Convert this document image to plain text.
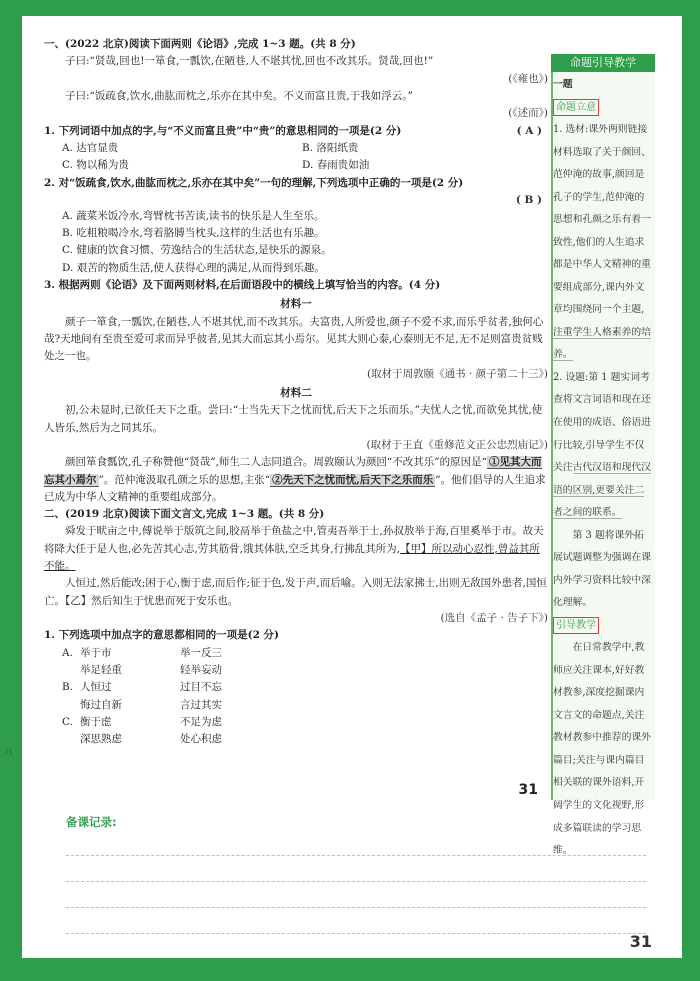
31
一、(2022 北京)阅读下面两则《论语》,完成 1~3 题。(共 8 分)
子曰:“贤哉,回也!一箪食,一瓢饮,在陋巷,人不堪其忧,回也不改其乐。贤哉,回也!”
(《雍也》)
子曰:“饭疏食,饮水,曲肱而枕之,乐亦在其中矣。不义而富且贵,于我如浮云。”
(《述而》)
1. 下列词语中加点的字,与“不义而富且贵”中“贵”的意思相同的一项是(2 分)	( A )
A. 达官显贵	B. 洛阳纸贵
C. 物以稀为贵	D. 春雨贵如油
2. 对“饭疏食,饮水,曲肱而枕之,乐亦在其中矣”一句的理解,下列选项中正确的一项是(2 分)
( B )
A. 蔬菜米饭冷水,弯臂枕书苦读,读书的快乐是人生至乐。
B. 吃粗粮喝冷水,弯着胳膊当枕头,这样的生活也有乐趣。
C. 健康的饮食习惯、劳逸结合的生活状态,是快乐的源泉。
D. 艰苦的物质生活,使人获得心理的满足,从而得到乐趣。
3. 根据两则《论语》及下面两则材料,在后面语段中的横线上填写恰当的内容。(4 分)
材料一
颜子一箪食,一瓢饮,在陋巷,人不堪其忧,而不改其乐。夫富贵,人所爱也,颜子不爱不求,而乐乎贫者,独何心哉?天地间有至贵至爱可求而异乎彼者,见其大而忘其小焉尔。见其大则心泰,心泰则无不足,无不足则富贵贫贱处之一也。
(取材于周敦颐《通书 · 颜子第二十三》)
材料二
初,公未显时,已欲任天下之重。尝曰:“士当先天下之忧而忧,后天下之乐而乐。”夫忧人之忧,而欲免其忧,使人皆乐,然后为之同其乐。
(取材于王直《重修范文正公忠烈庙记》)
颜回箪食瓢饮,孔子称赞他“贤哉”,师生二人志同道合。周敦颐认为颜回“不改其乐”的原因是“ ①见其大而忘其小焉尔 ”。范仲淹汲取孔颜之乐的思想,主张“ ②先天下之忧而忧,后天下之乐而乐 ”。他们倡导的人生追求已成为中华人文精神的重要组成部分。
二、(2019 北京)阅读下面文言文,完成 1~3 题。(共 8 分)
舜发于畎亩之中,傅说举于版筑之间,胶鬲举于鱼盐之中,管夷吾举于士,孙叔敖举于海,百里奚举于市。故天将降大任于是人也,必先苦其心志,劳其筋骨,饿其体肤,空乏其身,行拂乱其所为,【甲】所以动心忍性,曾益其所不能。
人恒过,然后能改;困于心,衡于虑,而后作;征于色,发于声,而后喻。入则无法家拂士,出则无敌国外患者,国恒亡。【乙】然后知生于忧患而死于安乐也。
(选自《孟子 · 告子下》)
1. 下列选项中加点字的意思都相同的一项是(2 分)
A. 举于市	举一反三
举足轻重	轻举妄动
B. 人恒过	过目不忘
悔过自新	言过其实
C. 衡于虑	不足为虑
深思熟虑	处心积虑
31
命题引导教学
一题
命题立意
1. 选材:课外两则链接材料选取了关于颜回、范仲淹的故事,颜回是孔子的学生,范仲淹的思想和孔颜之乐有着一致性,他们的人生追求都是中华人文精神的重要组成部分,课内外文章均围绕同一个主题,注重学生人格素养的培养。
2. 设题:第 1 题实词考查将文言词语和现在还在使用的成语、俗语进行比较,引导学生不仅关注古代汉语和现代汉语的区别,更要关注二者之间的联系。
第 3 题将课外拓展试题调整为强调在课内外学习资料比较中深化理解。
引导教学
在日常教学中,教师应关注课本,好好教材教参,深度挖掘课内文言文的命题点,关注教材教参中推荐的课外篇目;关注与课内篇目相关联的课外语料,开阔学生的文化视野,形成多篇联读的学习思维。
备课记录:
31
